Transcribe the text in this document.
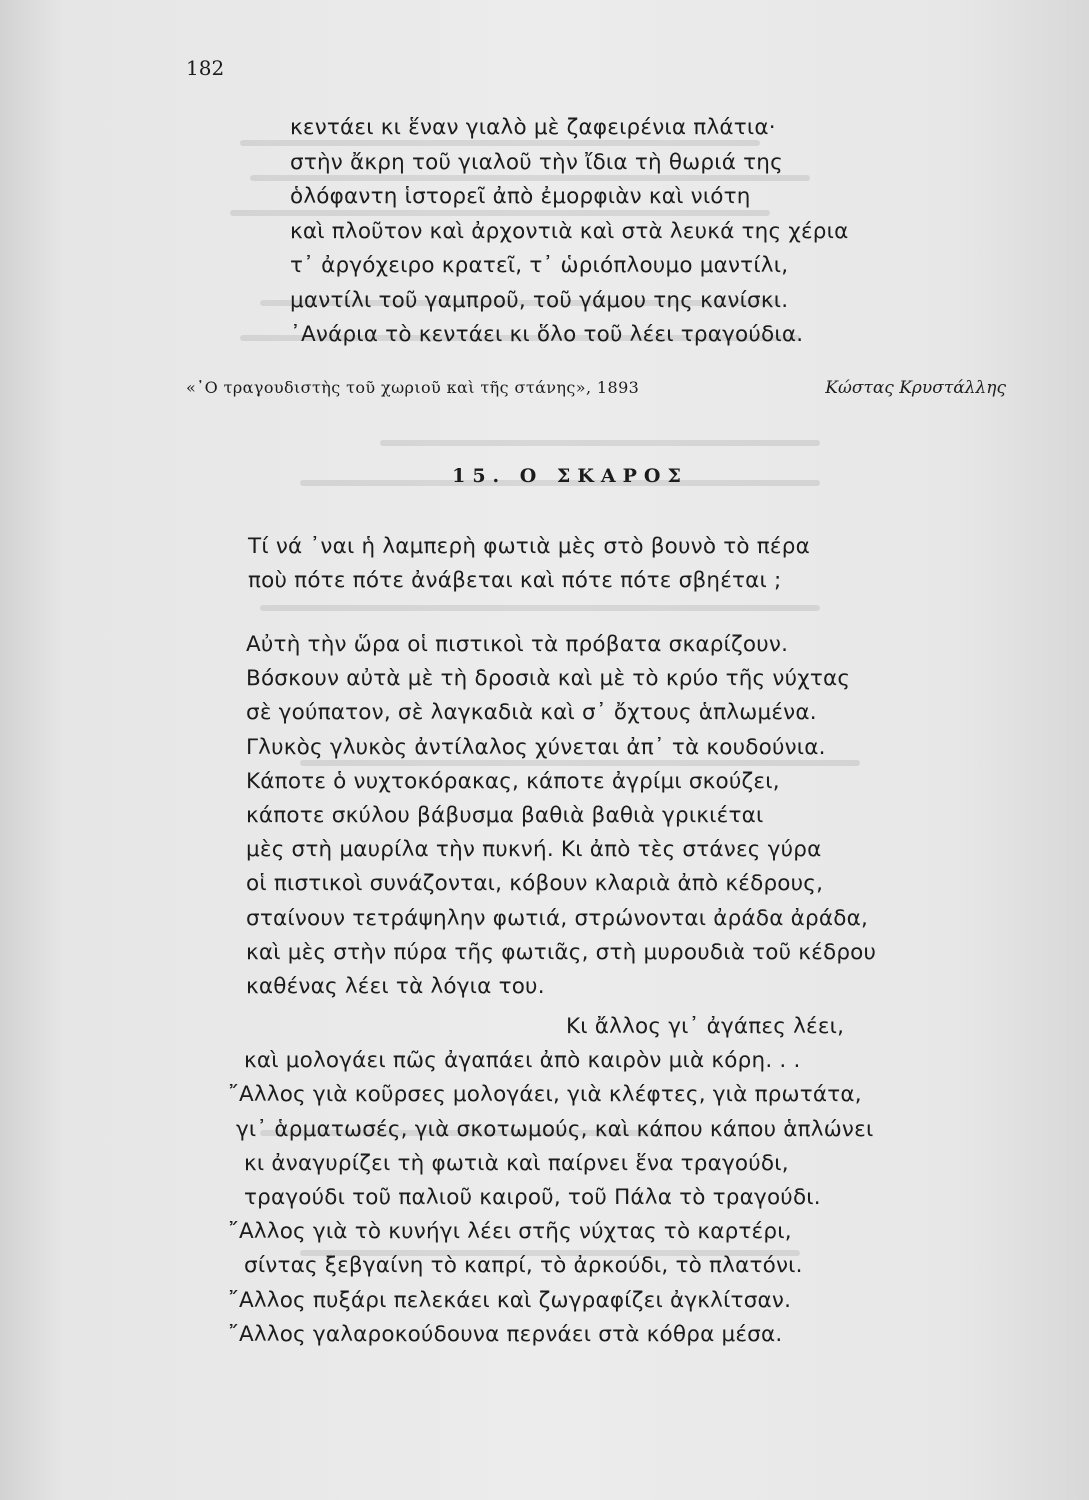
182
κεντάει κι ἕναν γιαλὸ μὲ ζαφειρένια πλάτια·
στὴν ἄκρη τοῦ γιαλοῦ τὴν ἴδια τὴ θωριά της
ὁλόφαντη ἱστορεῖ ἀπὸ ἐμορφιὰν καὶ νιότη
καὶ πλοῦτον καὶ ἀρχοντιὰ καὶ στὰ λευκά της χέρια
τ᾿ ἀργόχειρο κρατεῖ, τ᾿ ὡριόπλουμο μαντίλι,
μαντίλι τοῦ γαμπροῦ, τοῦ γάμου της κανίσκι.
᾿Ανάρια τὸ κεντάει κι ὅλο τοῦ λέει τραγούδια.
«᾿Ο τραγουδιστὴς τοῦ χωριοῦ καὶ τῆς στάνης», 1893	Κώστας Κρυστάλλης
15. Ο ΣΚΑΡΟΣ
Τί νά ᾿ναι ἡ λαμπερὴ φωτιὰ μὲς στὸ βουνὸ τὸ πέρα
ποὺ πότε πότε ἀνάβεται καὶ πότε πότε σβηέται ;
Αὐτὴ τὴν ὥρα οἱ πιστικοὶ τὰ πρόβατα σκαρίζουν.
Βόσκουν αὐτὰ μὲ τὴ δροσιὰ καὶ μὲ τὸ κρύο τῆς νύχτας
σὲ γούπατον, σὲ λαγκαδιὰ καὶ σ᾿ ὄχτους ἁπλωμένα.
Γλυκὸς γλυκὸς ἀντίλαλος χύνεται ἀπ᾿ τὰ κουδούνια.
Κάποτε ὁ νυχτοκόρακας, κάποτε ἀγρίμι σκούζει,
κάποτε σκύλου βάβυσμα βαθιὰ βαθιὰ γρικιέται
μὲς στὴ μαυρίλα τὴν πυκνή. Κι ἀπὸ τὲς στάνες γύρα
οἱ πιστικοὶ συνάζονται, κόβουν κλαριὰ ἀπὸ κέδρους,
σταίνουν τετράψηλην φωτιά, στρώνονται ἀράδα ἀράδα,
καὶ μὲς στὴν πύρα τῆς φωτιᾶς, στὴ μυρουδιὰ τοῦ κέδρου
καθένας λέει τὰ λόγια του.
Κι ἄλλος γι᾿ ἀγάπες λέει,
καὶ μολογάει πῶς ἀγαπάει ἀπὸ καιρὸν μιὰ κόρη. . .
῎Αλλος γιὰ κοῦρσες μολογάει, γιὰ κλέφτες, γιὰ πρωτάτα,
γι᾿ ἁρματωσές, γιὰ σκοτωμούς, καὶ κάπου κάπου ἁπλώνει
κι ἀναγυρίζει τὴ φωτιὰ καὶ παίρνει ἕνα τραγούδι,
τραγούδι τοῦ παλιοῦ καιροῦ, τοῦ Πάλα τὸ τραγούδι.
῎Αλλος γιὰ τὸ κυνήγι λέει στῆς νύχτας τὸ καρτέρι,
σίντας ξεβγαίνη τὸ καπρί, τὸ ἀρκούδι, τὸ πλατόνι.
῎Αλλος πυξάρι πελεκάει καὶ ζωγραφίζει ἀγκλίτσαν.
῎Αλλος γαλαροκούδουνα περνάει στὰ κόθρα μέσα.
